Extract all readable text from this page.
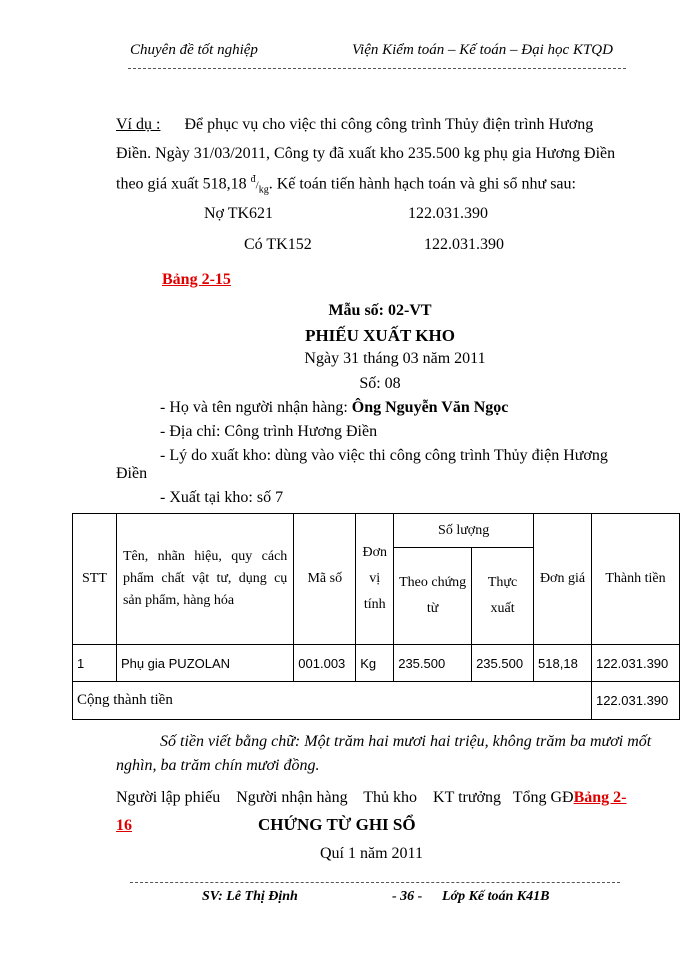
Chuyên đề tốt nghiệp	Viện Kiểm toán – Kế toán – Đại học KTQD
Ví dụ : Để phục vụ cho việc thi công công trình Thủy điện trình Hương
Điền. Ngày 31/03/2011, Công ty đã xuất kho 235.500 kg phụ gia Hương Điền
theo giá xuất 518,18 $^đ/_{kg}$. Kế toán tiến hành hạch toán và ghi sổ như sau:
Nợ TK621	122.031.390
Có TK152	122.031.390
Bảng 2-15
Mẫu số: 02-VT
PHIẾU XUẤT KHO
Ngày 31 tháng 03 năm 2011
Số: 08
- Họ và tên người nhận hàng: Ông Nguyễn Văn Ngọc
- Địa chỉ: Công trình Hương Điền
- Lý do xuất kho: dùng vào việc thi công công trình Thủy điện Hương
Điền
- Xuất tại kho: số 7
STT	Tên, nhãn hiệu, quy cách phẩm chất vật tư, dụng cụ sản phẩm, hàng hóa	Mã số	Đơn vị tính	Số lượng		Đơn giá	Thành tiền
				Theo chứng từ	Thực xuất		
1	Phụ gia PUZOLAN	001.003	Kg	235.500	235.500	518,18	122.031.390
Cộng thành tiền							122.031.390
Số tiền viết bằng chữ: Một trăm hai mươi hai triệu, không trăm ba mươi mốt
nghìn, ba trăm chín mươi đồng.
Người lập phiếu    Người nhận hàng    Thủ kho    KT trưởng   Tổng GĐBảng 2-
16	CHỨNG TỪ GHI SỔ
Quí 1 năm 2011
SV: Lê Thị Định	- 36 - Lớp Kế toán K41B
